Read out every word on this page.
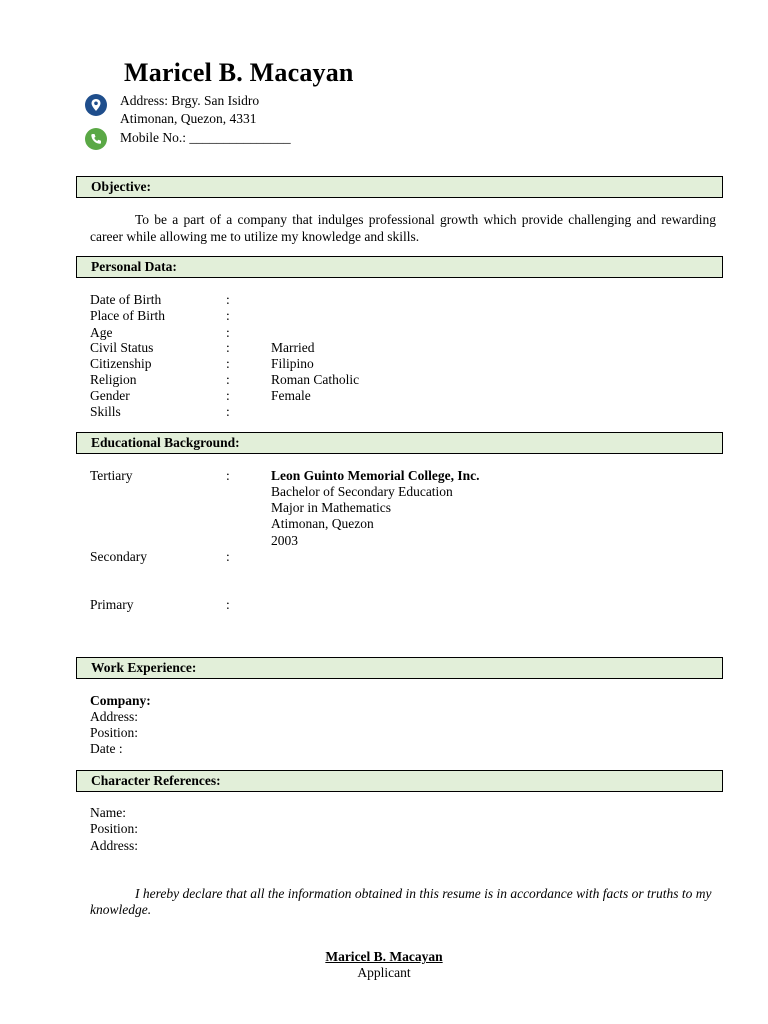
Maricel B. Macayan
Address: Brgy. San Isidro
Atimonan, Quezon, 4331
Mobile No.: _______________
Objective:
To be a part of a company that indulges professional growth which provide challenging and rewarding career while allowing me to utilize my knowledge and skills.
Personal Data:
Date of Birth	:
Place of Birth	:
Age	:
Civil Status	:	Married
Citizenship	:	Filipino
Religion	:	Roman Catholic
Gender	:	Female
Skills	:
Educational Background:
Tertiary	:	Leon Guinto Memorial College, Inc.
Bachelor of Secondary Education
Major in Mathematics
Atimonan, Quezon
2003
Secondary	:
Primary	:
Work Experience:
Company:
Address:
Position:
Date :
Character References:
Name:
Position:
Address:
I hereby declare that all the information obtained in this resume is in accordance with facts or truths to my knowledge.
Maricel B. Macayan
Applicant
